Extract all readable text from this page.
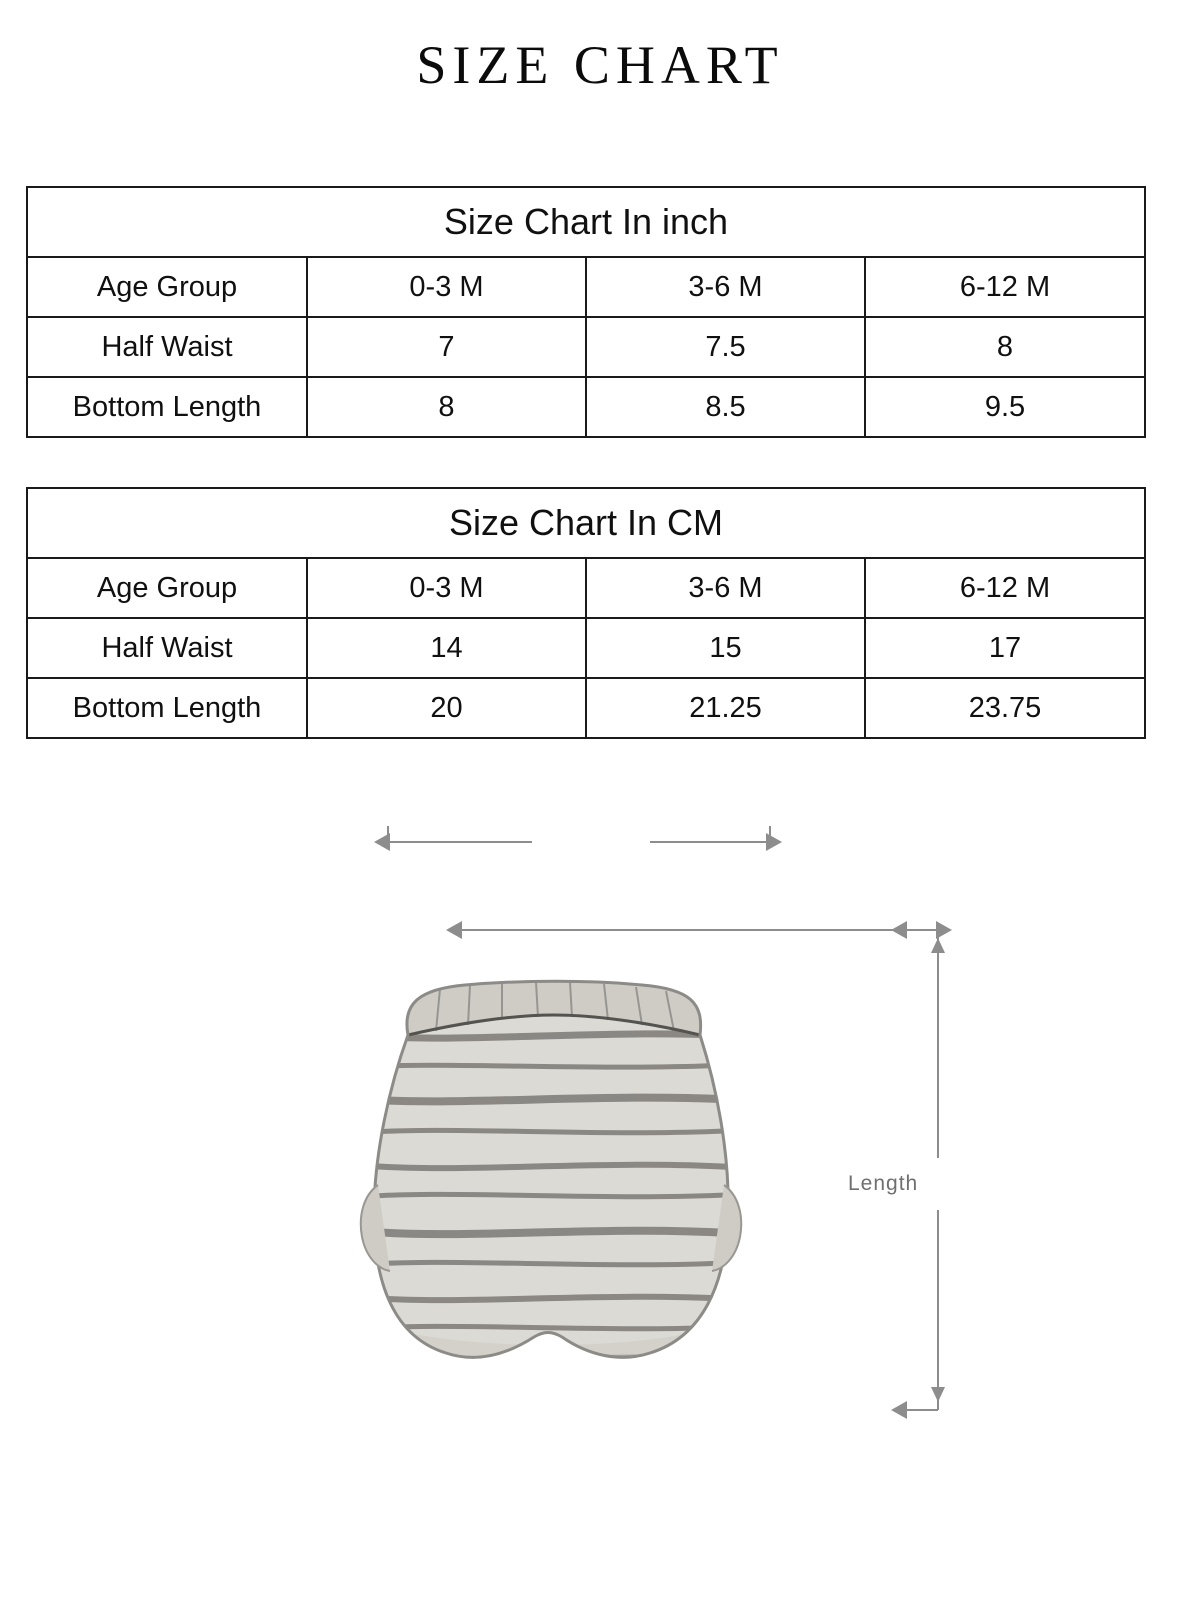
SIZE CHART
Size Chart In inch			
Age Group	0-3 M	3-6 M	6-12 M
Half Waist	7	7.5	8
Bottom Length	8	8.5	9.5
Size Chart In CM			
Age Group	0-3 M	3-6 M	6-12 M
Half Waist	14	15	17
Bottom Length	20	21.25	23.75
Length
